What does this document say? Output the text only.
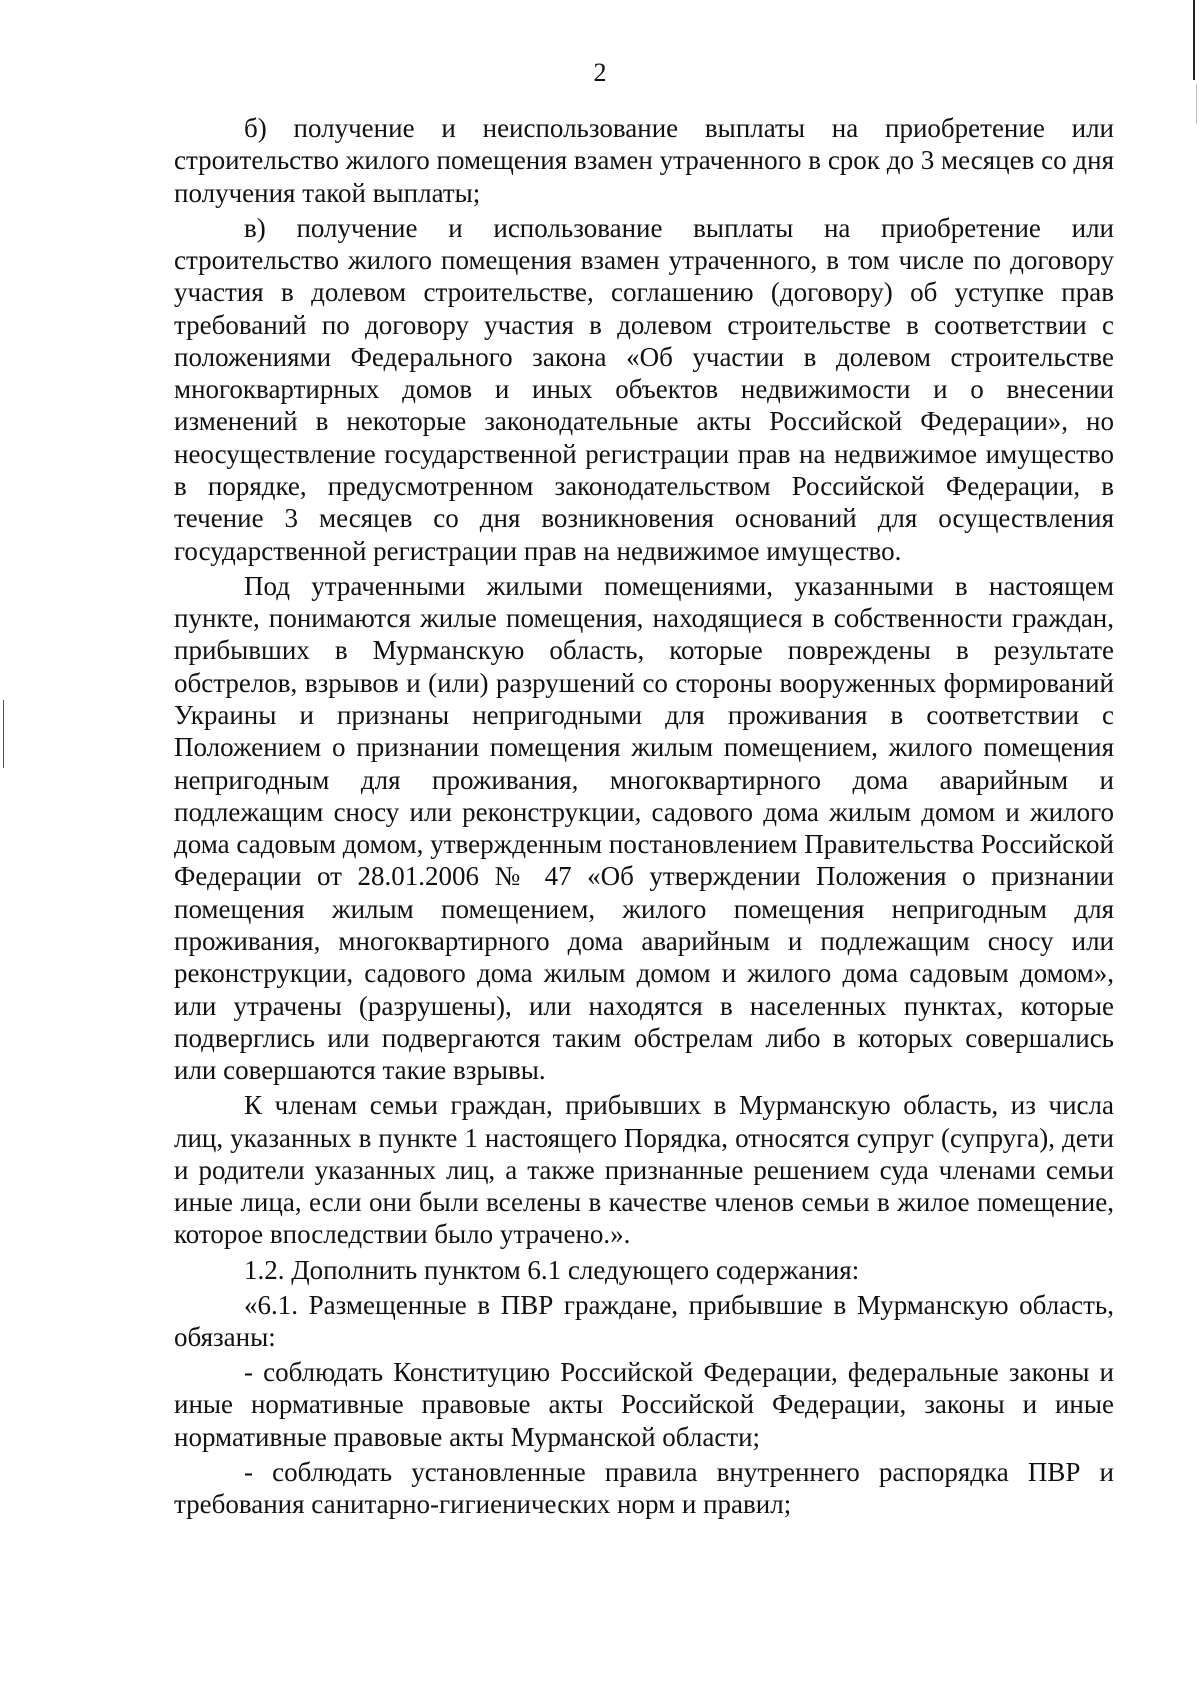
2

б) получение и неиспользование выплаты на приобретение или строительство жилого помещения взамен утраченного в срок до 3 месяцев со дня получения такой выплаты;

в) получение и использование выплаты на приобретение или строительство жилого помещения взамен утраченного, в том числе по договору участия в долевом строительстве, соглашению (договору) об уступке прав требований по договору участия в долевом строительстве в соответствии с положениями Федерального закона «Об участии в долевом строительстве многоквартирных домов и иных объектов недвижимости и о внесении изменений в некоторые законодательные акты Российской Федерации», но неосуществление государственной регистрации прав на недвижимое имущество в порядке, предусмотренном законодательством Российской Федерации, в течение 3 месяцев со дня возникновения оснований для осуществления государственной регистрации прав на недвижимое имущество.

Под утраченными жилыми помещениями, указанными в настоящем пункте, понимаются жилые помещения, находящиеся в собственности граждан, прибывших в Мурманскую область, которые повреждены в результате обстрелов, взрывов и (или) разрушений со стороны вооруженных формирований Украины и признаны непригодными для проживания в соответствии с Положением о признании помещения жилым помещением, жилого помещения непригодным для проживания, многоквартирного дома аварийным и подлежащим сносу или реконструкции, садового дома жилым домом и жилого дома садовым домом, утвержденным постановлением Правительства Российской Федерации от 28.01.2006 № 47 «Об утверждении Положения о признании помещения жилым помещением, жилого помещения непригодным для проживания, многоквартирного дома аварийным и подлежащим сносу или реконструкции, садового дома жилым домом и жилого дома садовым домом», или утрачены (разрушены), или находятся в населенных пунктах, которые подверглись или подвергаются таким обстрелам либо в которых совершались или совершаются такие взрывы.

К членам семьи граждан, прибывших в Мурманскую область, из числа лиц, указанных в пункте 1 настоящего Порядка, относятся супруг (супруга), дети и родители указанных лиц, а также признанные решением суда членами семьи иные лица, если они были вселены в качестве членов семьи в жилое помещение, которое впоследствии было утрачено.».

1.2. Дополнить пунктом 6.1 следующего содержания:

«6.1. Размещенные в ПВР граждане, прибывшие в Мурманскую область, обязаны:

- соблюдать Конституцию Российской Федерации, федеральные законы и иные нормативные правовые акты Российской Федерации, законы и иные нормативные правовые акты Мурманской области;

- соблюдать установленные правила внутреннего распорядка ПВР и требования санитарно-гигиенических норм и правил;
